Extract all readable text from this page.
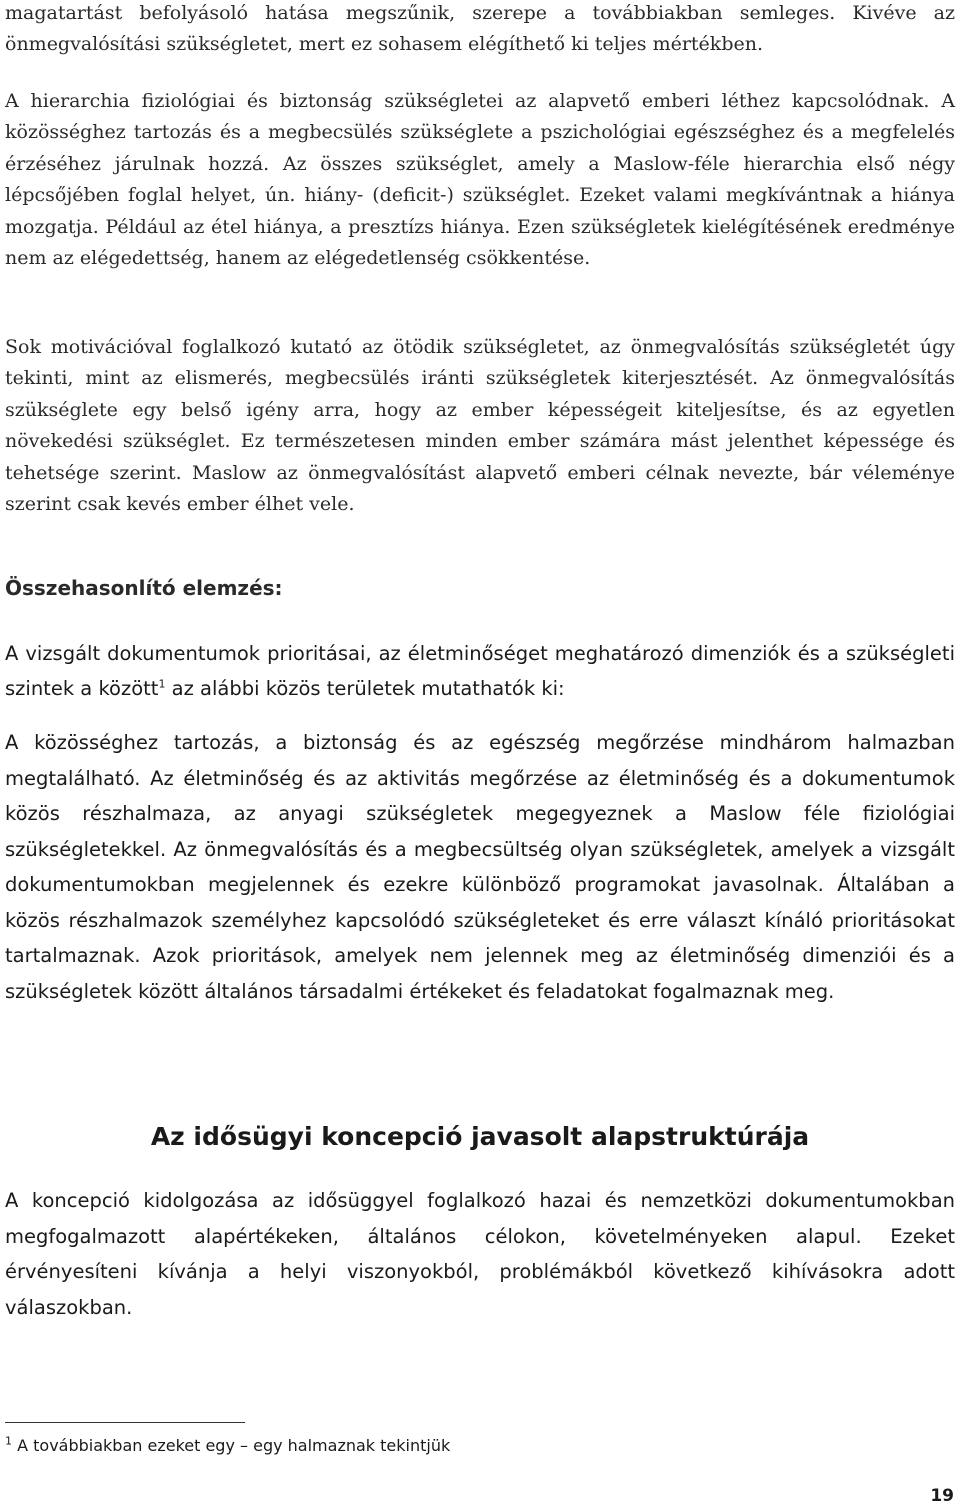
magatartást befolyásoló hatása megszűnik, szerepe a továbbiakban semleges. Kivéve az önmegvalósítási szükségletet, mert ez sohasem elégíthető ki teljes mértékben.

A hierarchia fiziológiai és biztonság szükségletei az alapvető emberi léthez kapcsolódnak. A közösséghez tartozás és a megbecsülés szükséglete a pszichológiai egészséghez és a megfelelés érzéséhez járulnak hozzá. Az összes szükséglet, amely a Maslow-féle hierarchia első négy lépcsőjében foglal helyet, ún. hiány- (deficit-) szükséglet. Ezeket valami megkívántnak a hiánya mozgatja. Például az étel hiánya, a presztízs hiánya. Ezen szükségletek kielégítésének eredménye nem az elégedettség, hanem az elégedetlenség csökkentése.

Sok motivációval foglalkozó kutató az ötödik szükségletet, az önmegvalósítás szükségletét úgy tekinti, mint az elismerés, megbecsülés iránti szükségletek kiterjesztését. Az önmegvalósítás szükséglete egy belső igény arra, hogy az ember képességeit kiteljesítse, és az egyetlen növekedési szükséglet. Ez természetesen minden ember számára mást jelenthet képessége és tehetsége szerint. Maslow az önmegvalósítást alapvető emberi célnak nevezte, bár véleménye szerint csak kevés ember élhet vele.

Összehasonlító elemzés:

A vizsgált dokumentumok prioritásai, az életminőséget meghatározó dimenziók és a szükségleti szintek a között$^1$ az alábbi közös területek mutathatók ki:

A közösséghez tartozás, a biztonság és az egészség megőrzése mindhárom halmazban megtalálható. Az életminőség és az aktivitás megőrzése az életminőség és a dokumentumok közös részhalmaza, az anyagi szükségletek megegyeznek a Maslow féle fiziológiai szükségletekkel. Az önmegvalósítás és a megbecsültség olyan szükségletek, amelyek a vizsgált dokumentumokban megjelennek és ezekre különböző programokat javasolnak. Általában a közös részhalmazok személyhez kapcsolódó szükségleteket és erre választ kínáló prioritásokat tartalmaznak. Azok prioritások, amelyek nem jelennek meg az életminőség dimenziói és a szükségletek között általános társadalmi értékeket és feladatokat fogalmaznak meg.

Az idősügyi koncepció javasolt alapstruktúrája

A koncepció kidolgozása az idősüggyel foglalkozó hazai és nemzetközi dokumentumokban megfogalmazott alapértékeken, általános célokon, követelményeken alapul. Ezeket érvényesíteni kívánja a helyi viszonyokból, problémákból következő kihívásokra adott válaszokban.

$^1$ A továbbiakban ezeket egy – egy halmaznak tekintjük

19
